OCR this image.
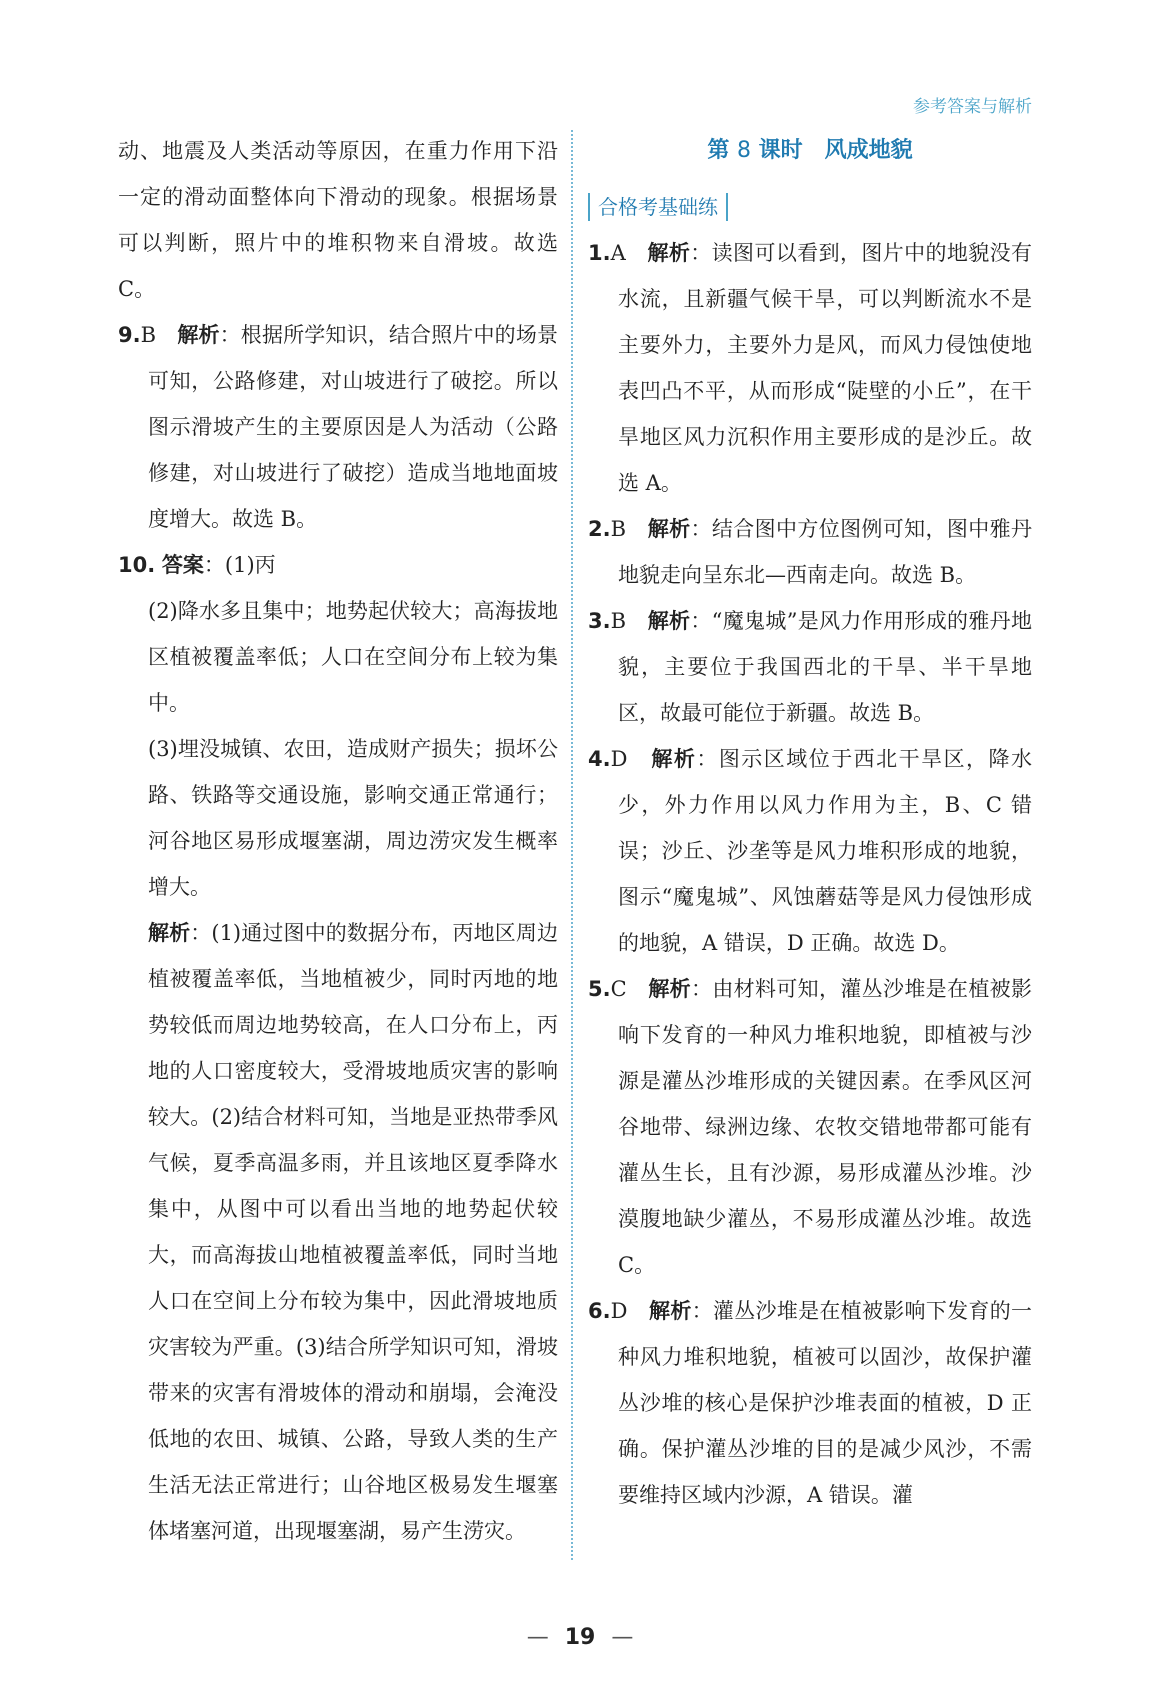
参考答案与解析

动、地震及人类活动等原因，在重力作用下沿一定的滑动面整体向下滑动的现象。根据场景可以判断，照片中的堆积物来自滑坡。故选 C。

9.B　 解析：根据所学知识，结合照片中的场景可知，公路修建，对山坡进行了破挖。所以图示滑坡产生的主要原因是人为活动（公路修建，对山坡进行了破挖）造成当地地面坡度增大。故选 B。

10. 答案：(1)丙

(2)降水多且集中；地势起伏较大；高海拔地区植被覆盖率低；人口在空间分布上较为集中。

(3)埋没城镇、农田，造成财产损失；损坏公路、铁路等交通设施，影响交通正常通行；河谷地区易形成堰塞湖，周边涝灾发生概率增大。

解析：(1)通过图中的数据分布，丙地区周边植被覆盖率低，当地植被少，同时丙地的地势较低而周边地势较高，在人口分布上，丙地的人口密度较大，受滑坡地质灾害的影响较大。(2)结合材料可知，当地是亚热带季风气候，夏季高温多雨，并且该地区夏季降水集中，从图中可以看出当地的地势起伏较大，而高海拔山地植被覆盖率低，同时当地人口在空间上分布较为集中，因此滑坡地质灾害较为严重。(3)结合所学知识可知，滑坡带来的灾害有滑坡体的滑动和崩塌，会淹没低地的农田、城镇、公路，导致人类的生产生活无法正常进行；山谷地区极易发生堰塞体堵塞河道，出现堰塞湖，易产生涝灾。

第 8 课时　风成地貌
合格考基础练

1.A　 解析：读图可以看到，图片中的地貌没有水流，且新疆气候干旱，可以判断流水不是主要外力，主要外力是风，而风力侵蚀使地表凹凸不平，从而形成“陡壁的小丘”，在干旱地区风力沉积作用主要形成的是沙丘。故选 A。

2.B　 解析：结合图中方位图例可知，图中雅丹地貌走向呈东北—西南走向。故选 B。

3.B　 解析：“魔鬼城”是风力作用形成的雅丹地貌，主要位于我国西北的干旱、半干旱地区，故最可能位于新疆。故选 B。

4.D　 解析：图示区域位于西北干旱区，降水少，外力作用以风力作用为主，B、C 错误；沙丘、沙垄等是风力堆积形成的地貌，图示“魔鬼城”、风蚀蘑菇等是风力侵蚀形成的地貌，A 错误，D 正确。故选 D。

5.C　 解析：由材料可知，灌丛沙堆是在植被影响下发育的一种风力堆积地貌，即植被与沙源是灌丛沙堆形成的关键因素。在季风区河谷地带、绿洲边缘、农牧交错地带都可能有灌丛生长，且有沙源，易形成灌丛沙堆。沙漠腹地缺少灌丛，不易形成灌丛沙堆。故选 C。

6.D　 解析：灌丛沙堆是在植被影响下发育的一种风力堆积地貌，植被可以固沙，故保护灌丛沙堆的核心是保护沙堆表面的植被，D 正确。保护灌丛沙堆的目的是减少风沙，不需要维持区域内沙源，A 错误。灌

— 19 —
